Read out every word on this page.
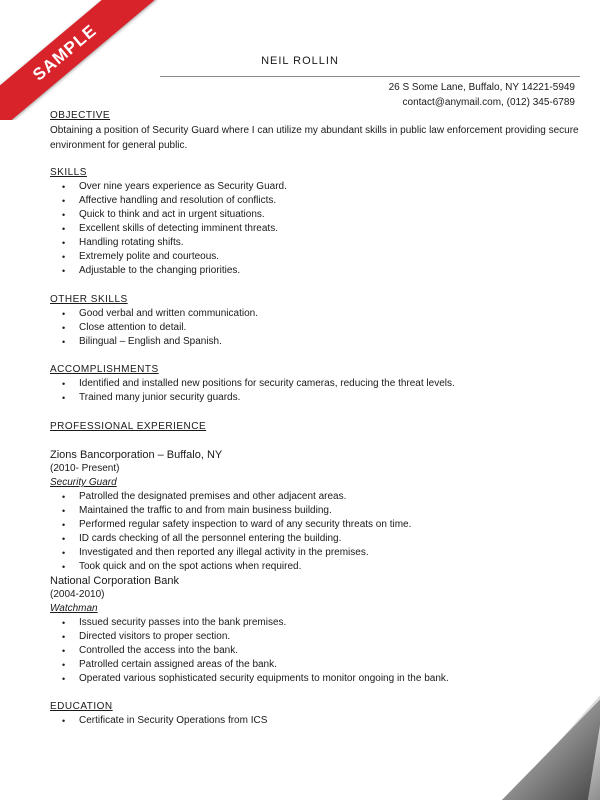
SAMPLE	NEIL ROLLIN
26 S Some Lane, Buffalo, NY 14221-5949
contact@anymail.com, (012) 345-6789
OBJECTIVE
Obtaining a position of Security Guard where I can utilize my abundant skills in public law enforcement providing secure environment for general public.
SKILLS
• Over nine years experience as Security Guard.
• Affective handling and resolution of conflicts.
• Quick to think and act in urgent situations.
• Excellent skills of detecting imminent threats.
• Handling rotating shifts.
• Extremely polite and courteous.
• Adjustable to the changing priorities.
OTHER SKILLS
• Good verbal and written communication.
• Close attention to detail.
• Bilingual – English and Spanish.
ACCOMPLISHMENTS
• Identified and installed new positions for security cameras, reducing the threat levels.
• Trained many junior security guards.
PROFESSIONAL EXPERIENCE
Zions Bancorporation – Buffalo, NY
(2010- Present)
Security Guard
• Patrolled the designated premises and other adjacent areas.
• Maintained the traffic to and from main business building.
• Performed regular safety inspection to ward of any security threats on time.
• ID cards checking of all the personnel entering the building.
• Investigated and then reported any illegal activity in the premises.
• Took quick and on the spot actions when required.
National Corporation Bank
(2004-2010)
Watchman
• Issued security passes into the bank premises.
• Directed visitors to proper section.
• Controlled the access into the bank.
• Patrolled certain assigned areas of the bank.
• Operated various sophisticated security equipments to monitor ongoing in the bank.
EDUCATION
• Certificate in Security Operations from ICS
